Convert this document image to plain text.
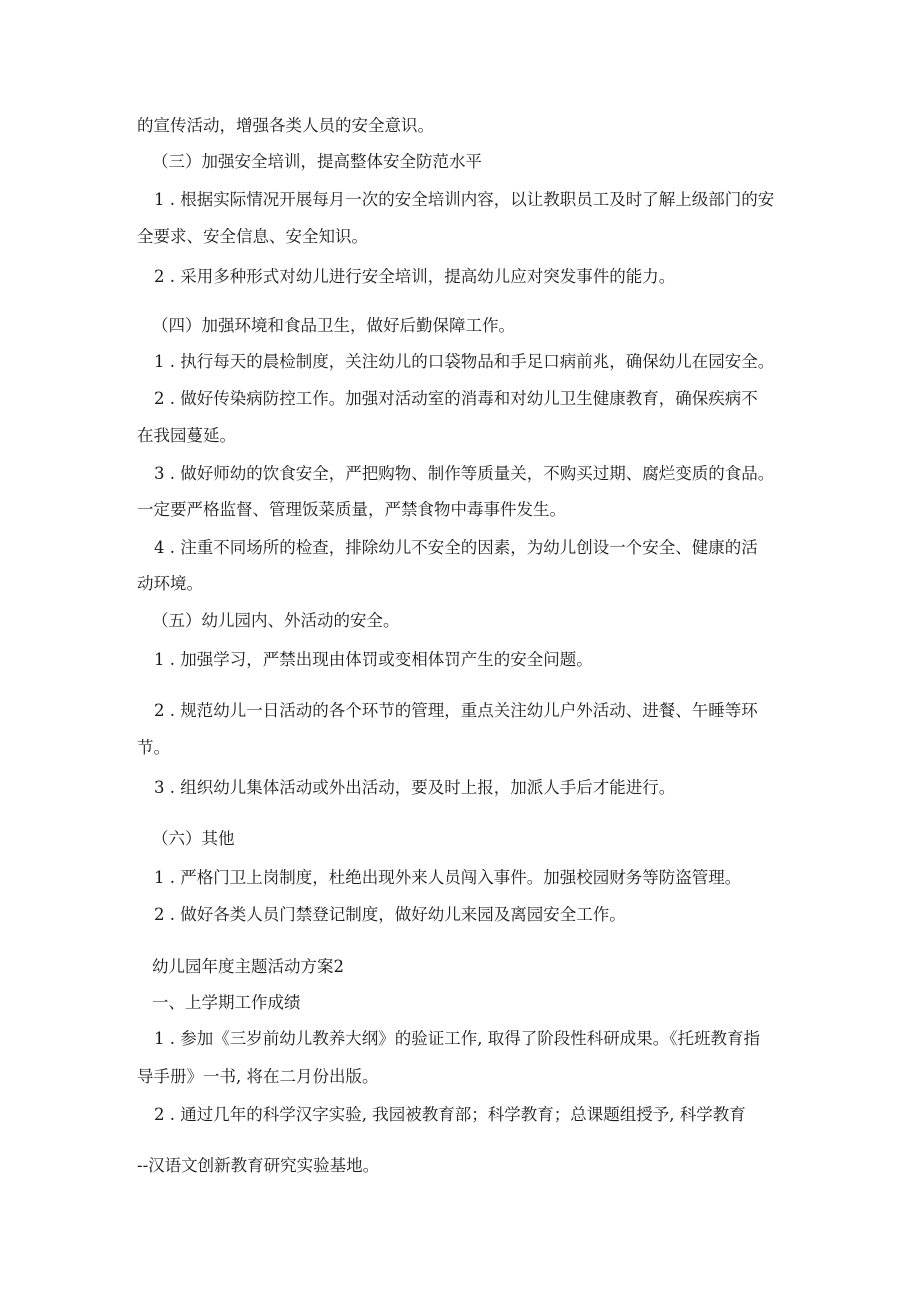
的宣传活动，增强各类人员的安全意识。
（三）加强安全培训，提高整体安全防范水平
1 . 根据实际情况开展每月一次的安全培训内容，以让教职员工及时了解上级部门的安
全要求、安全信息、安全知识。
2 . 采用多种形式对幼儿进行安全培训，提高幼儿应对突发事件的能力。
（四）加强环境和食品卫生，做好后勤保障工作。
1 . 执行每天的晨检制度，关注幼儿的口袋物品和手足口病前兆，确保幼儿在园安全。
2 . 做好传染病防控工作。加强对活动室的消毒和对幼儿卫生健康教育，确保疾病不
在我园蔓延。
3 . 做好师幼的饮食安全，严把购物、制作等质量关，不购买过期、腐烂变质的食品。
一定要严格监督、管理饭菜质量，严禁食物中毒事件发生。
4 . 注重不同场所的检查，排除幼儿不安全的因素，为幼儿创设一个安全、健康的活
动环境。
（五）幼儿园内、外活动的安全。
1 . 加强学习，严禁出现由体罚或变相体罚产生的安全问题。
2 . 规范幼儿一日活动的各个环节的管理，重点关注幼儿户外活动、进餐、午睡等环
节。
3 . 组织幼儿集体活动或外出活动，要及时上报，加派人手后才能进行。
（六）其他
1 . 严格门卫上岗制度，杜绝出现外来人员闯入事件。加强校园财务等防盗管理。
2 . 做好各类人员门禁登记制度，做好幼儿来园及离园安全工作。
幼儿园年度主题活动方案2
一、上学期工作成绩
1 . 参加《三岁前幼儿教养大纲》的验证工作, 取得了阶段性科研成果。《托班教育指
导手册》一书, 将在二月份出版。
2 . 通过几年的科学汉字实验, 我园被教育部；科学教育；总课题组授予, 科学教育
--汉语文创新教育研究实验基地。
